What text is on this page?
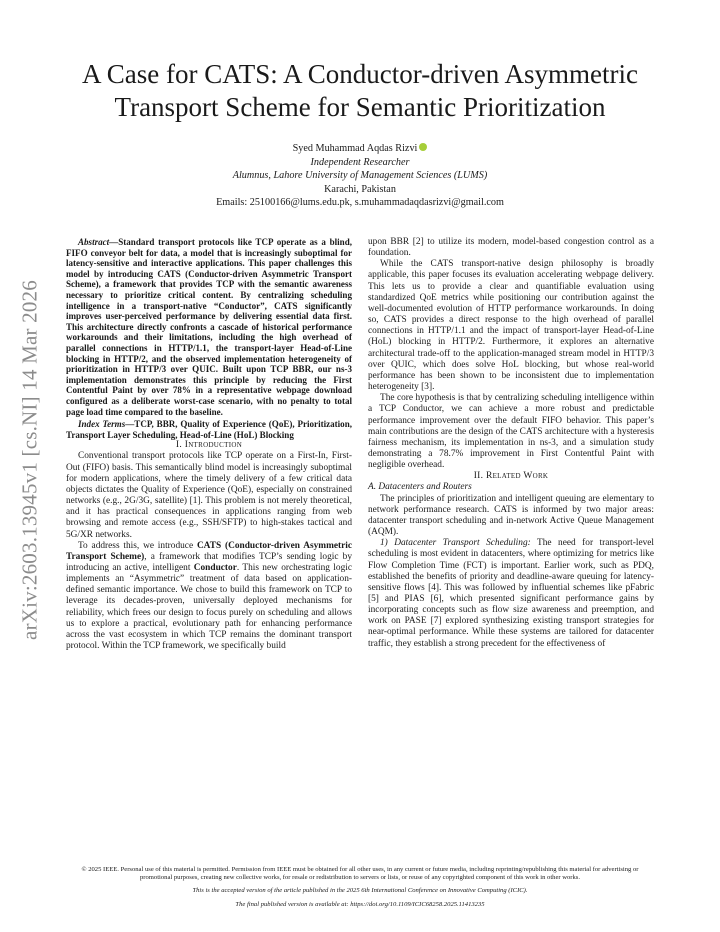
arXiv:2603.13945v1 [cs.NI] 14 Mar 2026
A Case for CATS: A Conductor-driven Asymmetric Transport Scheme for Semantic Prioritization
Syed Muhammad Aqdas Rizvi
Independent Researcher
Alumnus, Lahore University of Management Sciences (LUMS)
Karachi, Pakistan
Emails: 25100166@lums.edu.pk, s.muhammadaqdasrizvi@gmail.com

Abstract—Standard transport protocols like TCP operate as a blind, FIFO conveyor belt for data, a model that is increasingly suboptimal for latency-sensitive and interactive applications. This paper challenges this model by introducing CATS (Conductor-driven Asymmetric Transport Scheme), a framework that provides TCP with the semantic awareness necessary to prioritize critical content. By centralizing scheduling intelligence in a transport-native “Conductor”, CATS significantly improves user-perceived performance by delivering essential data first. This architecture directly confronts a cascade of historical performance workarounds and their limitations, including the high overhead of parallel connections in HTTP/1.1, the transport-layer Head-of-Line blocking in HTTP/2, and the observed implementation heterogeneity of prioritization in HTTP/3 over QUIC. Built upon TCP BBR, our ns-3 implementation demonstrates this principle by reducing the First Contentful Paint by over 78% in a representative webpage download configured as a deliberate worst-case scenario, with no penalty to total page load time compared to the baseline.

Index Terms—TCP, BBR, Quality of Experience (QoE), Prioritization, Transport Layer Scheduling, Head-of-Line (HoL) Blocking

I. Introduction

Conventional transport protocols like TCP operate on a First-In, First-Out (FIFO) basis. This semantically blind model is increasingly suboptimal for modern applications, where the timely delivery of a few critical data objects dictates the Quality of Experience (QoE), especially on constrained networks (e.g., 2G/3G, satellite) [1]. This problem is not merely theoretical, and it has practical consequences in applications ranging from web browsing and remote access (e.g., SSH/SFTP) to high-stakes tactical and 5G/XR networks.

To address this, we introduce CATS (Conductor-driven Asymmetric Transport Scheme), a framework that modifies TCP’s sending logic by introducing an active, intelligent Conductor. This new orchestrating logic implements an “Asymmetric” treatment of data based on application-defined semantic importance. We chose to build this framework on TCP to leverage its decades-proven, universally deployed mechanisms for reliability, which frees our design to focus purely on scheduling and allows us to explore a practical, evolutionary path for enhancing performance across the vast ecosystem in which TCP remains the dominant transport protocol. Within the TCP framework, we specifically build

upon BBR [2] to utilize its modern, model-based congestion control as a foundation.

While the CATS transport-native design philosophy is broadly applicable, this paper focuses its evaluation accelerating webpage delivery. This lets us to provide a clear and quantifiable evaluation using standardized QoE metrics while positioning our contribution against the well-documented evolution of HTTP performance workarounds. In doing so, CATS provides a direct response to the high overhead of parallel connections in HTTP/1.1 and the impact of transport-layer Head-of-Line (HoL) blocking in HTTP/2. Furthermore, it explores an alternative architectural trade-off to the application-managed stream model in HTTP/3 over QUIC, which does solve HoL blocking, but whose real-world performance has been shown to be inconsistent due to implementation heterogeneity [3].

The core hypothesis is that by centralizing scheduling intelligence within a TCP Conductor, we can achieve a more robust and predictable performance improvement over the default FIFO behavior. This paper’s main contributions are the design of the CATS architecture with a hysteresis fairness mechanism, its implementation in ns-3, and a simulation study demonstrating a 78.7% improvement in First Contentful Paint with negligible overhead.

II. Related Work

A. Datacenters and Routers

The principles of prioritization and intelligent queuing are elementary to network performance research. CATS is informed by two major areas: datacenter transport scheduling and in-network Active Queue Management (AQM).

1) Datacenter Transport Scheduling: The need for transport-level scheduling is most evident in datacenters, where optimizing for metrics like Flow Completion Time (FCT) is important. Earlier work, such as PDQ, established the benefits of priority and deadline-aware queuing for latency-sensitive flows [4]. This was followed by influential schemes like pFabric [5] and PIAS [6], which presented significant performance gains by incorporating concepts such as flow size awareness and preemption, and work on PASE [7] explored synthesizing existing transport strategies for near-optimal performance. While these systems are tailored for datacenter traffic, they establish a strong precedent for the effectiveness of

© 2025 IEEE. Personal use of this material is permitted. Permission from IEEE must be obtained for all other uses, in any current or future media, including reprinting/republishing this material for advertising or promotional purposes, creating new collective works, for resale or redistribution to servers or lists, or reuse of any copyrighted component of this work in other works.
This is the accepted version of the article published in the 2025 6th International Conference on Innovative Computing (ICIC).
The final published version is available at: https://doi.org/10.1109/ICIC68258.2025.11413235
